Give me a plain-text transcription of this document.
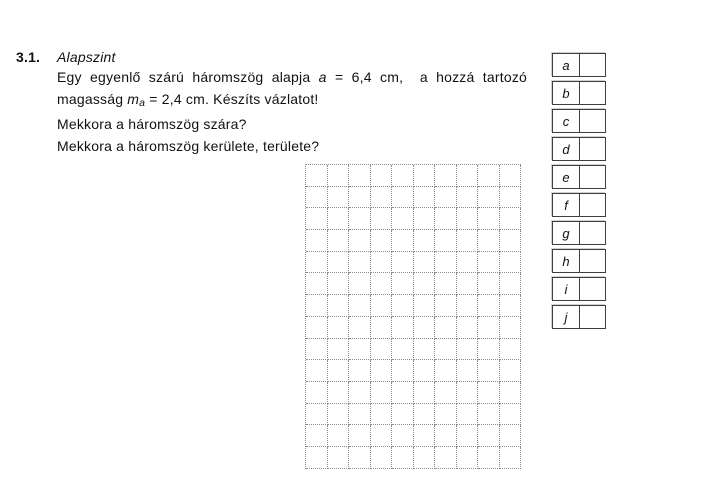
3.1. Alapszint
Egy egyenlő szárú háromszög alapja a = 6,4 cm,  a hozzá tartozó
magasság ma = 2,4 cm. Készíts vázlatot!
Mekkora a háromszög szára?
Mekkora a háromszög kerülete, területe?
a
b
c
d
e
f
g
h
i
j
